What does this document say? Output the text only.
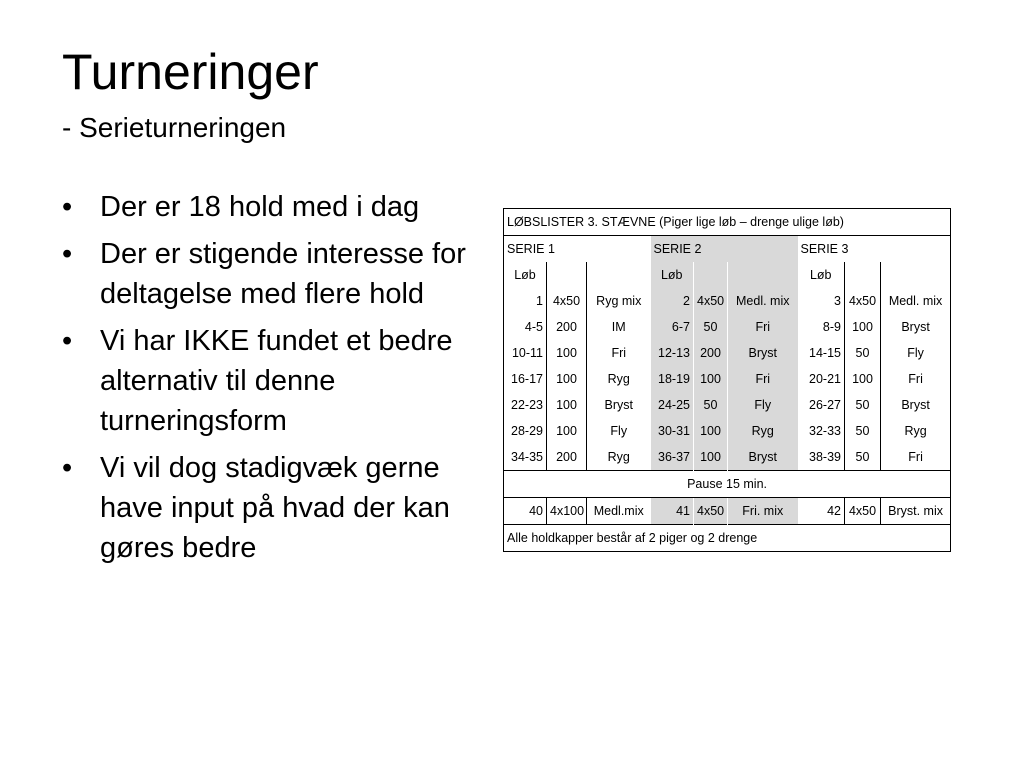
Turneringer
- Serieturneringen
• Der er 18 hold med i dag
• Der er stigende interesse for deltagelse med flere hold
• Vi har IKKE fundet et bedre alternativ til denne turneringsform
• Vi vil dog stadigvæk gerne have input på hvad der kan gøres bedre
LØBSLISTER 3. STÆVNE (Piger lige løb – drenge ulige løb)								
SERIE 1			SERIE 2			SERIE 3		
Løb			Løb			Løb		
1	4x50	Ryg mix	2	4x50	Medl. mix	3	4x50	Medl. mix
4-5	200	IM	6-7	50	Fri	8-9	100	Bryst
10-11	100	Fri	12-13	200	Bryst	14-15	50	Fly
16-17	100	Ryg	18-19	100	Fri	20-21	100	Fri
22-23	100	Bryst	24-25	50	Fly	26-27	50	Bryst
28-29	100	Fly	30-31	100	Ryg	32-33	50	Ryg
34-35	200	Ryg	36-37	100	Bryst	38-39	50	Fri
Pause 15 min.								
40	4x100	Medl.mix	41	4x50	Fri. mix	42	4x50	Bryst. mix
Alle holdkapper består af 2 piger og 2 drenge								
